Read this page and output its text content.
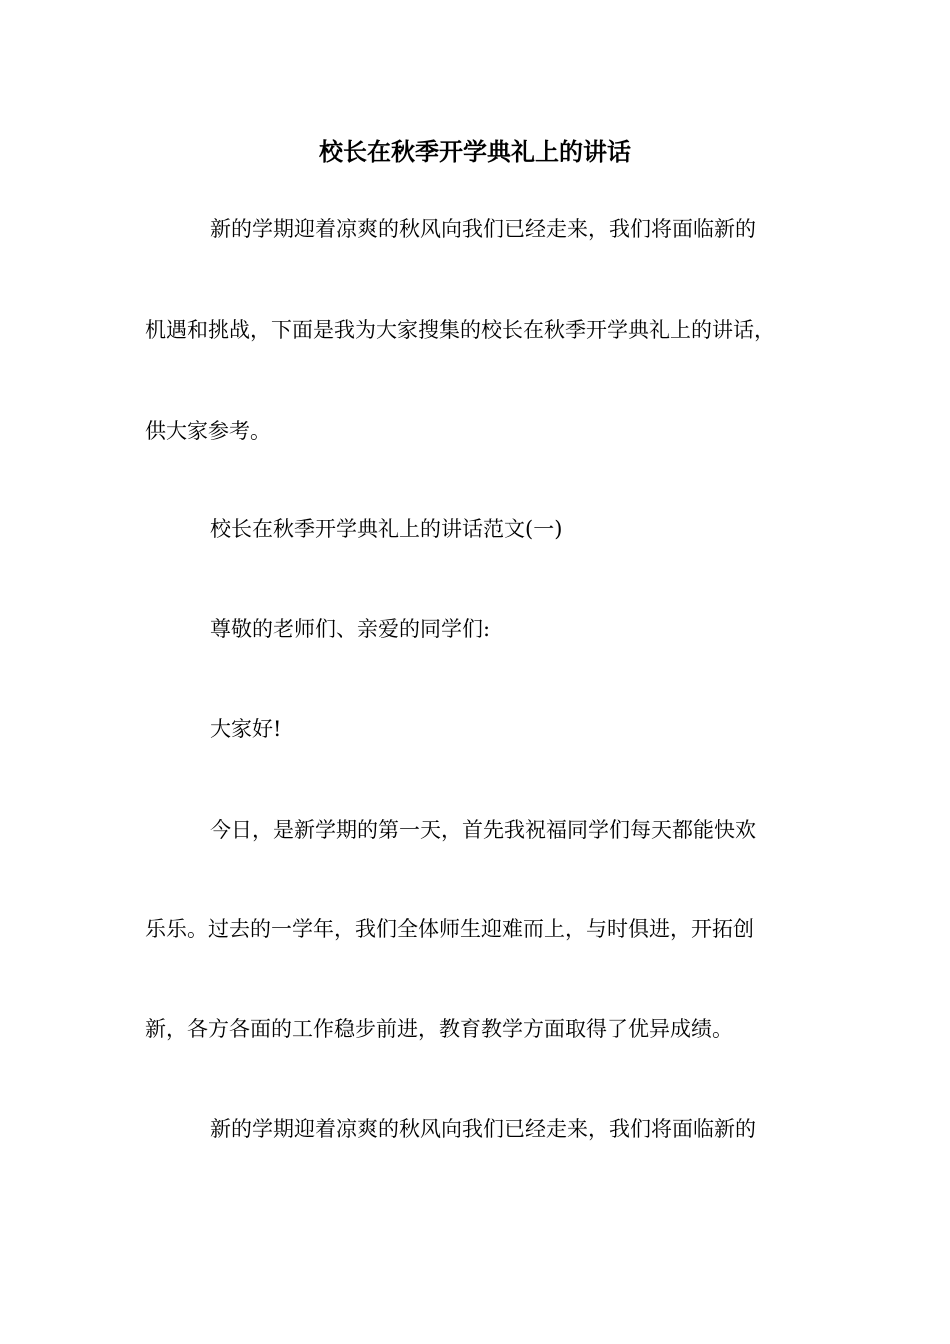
校长在秋季开学典礼上的讲话
新的学期迎着凉爽的秋风向我们已经走来，我们将面临新的
机遇和挑战，下面是我为大家搜集的校长在秋季开学典礼上的讲话，
供大家参考。
校长在秋季开学典礼上的讲话范文(一)
尊敬的老师们、亲爱的同学们:
大家好!
今日，是新学期的第一天，首先我祝福同学们每天都能快欢
乐乐。过去的一学年，我们全体师生迎难而上，与时俱进，开拓创
新，各方各面的工作稳步前进，教育教学方面取得了优异成绩。
新的学期迎着凉爽的秋风向我们已经走来，我们将面临新的
